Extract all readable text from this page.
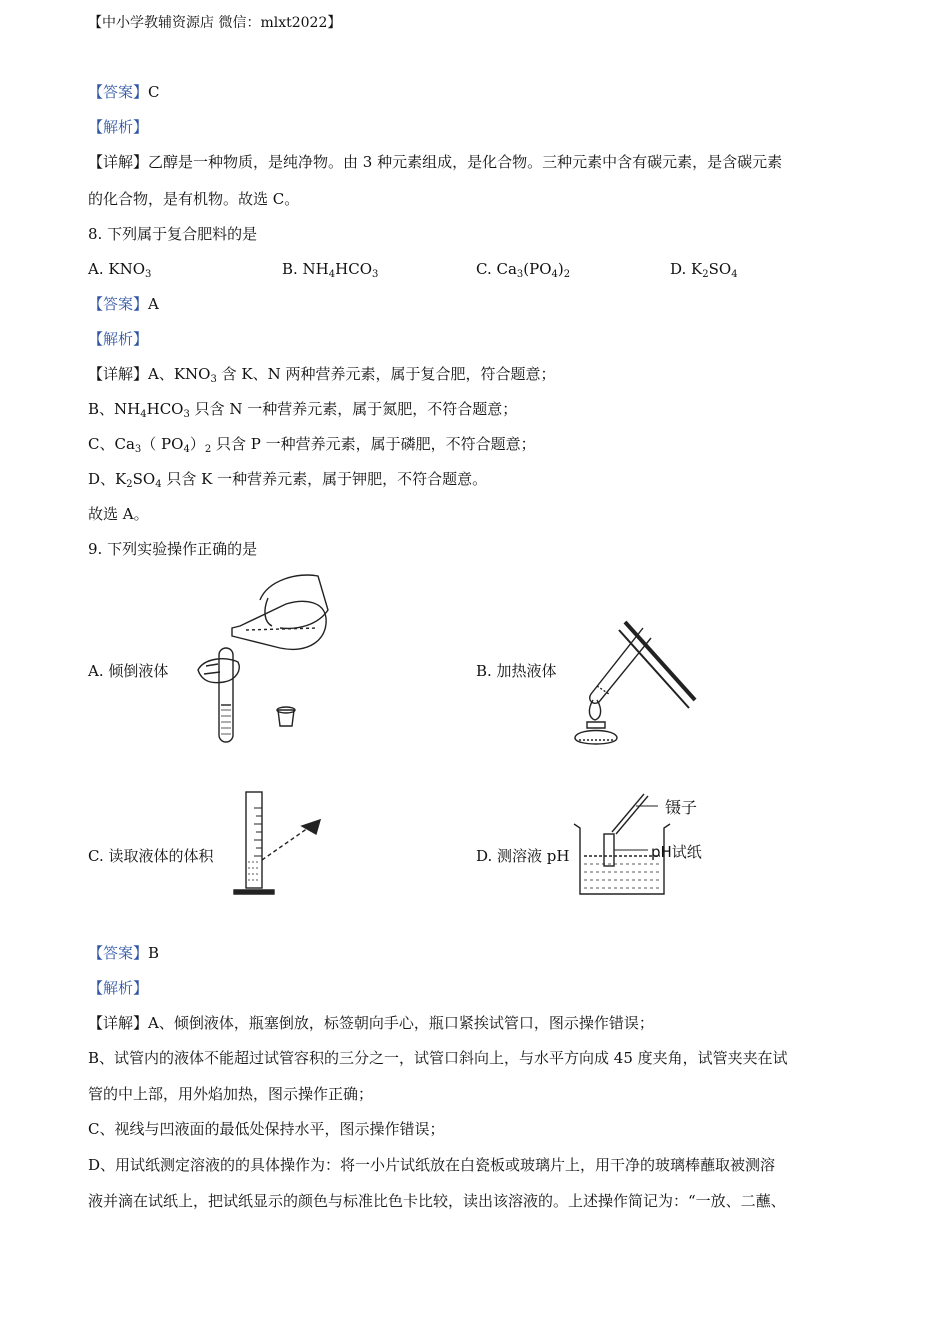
【中小学教辅资源店 微信：mlxt2022】
【答案】C
【解析】
【详解】乙醇是一种物质，是纯净物。由 3 种元素组成，是化合物。三种元素中含有碳元素，是含碳元素
的化合物，是有机物。故选 C。
8. 下列属于复合肥料的是
A. $KNO_3$	B. $NH_4HCO_3$	C. $Ca_3(PO_4)_2$	D. $K_2SO_4$
【答案】A
【解析】
【详解】A、$KNO_3$ 含 K、N 两种营养元素，属于复合肥，符合题意；
B、$NH_4HCO_3$ 只含 N 一种营养元素，属于氮肥，不符合题意；
C、$Ca_3$（ $PO_4)_2$ 只含 P 一种营养元素，属于磷肥，不符合题意；
D、$K_2SO_4$ 只含 K 一种营养元素，属于钾肥，不符合题意。
故选 A。
9. 下列实验操作正确的是
A. 倾倒液体	B. 加热液体
C. 读取液体的体积	D. 测溶液 pH
镊子
pH试纸
【答案】B
【解析】
【详解】A、倾倒液体，瓶塞倒放，标签朝向手心，瓶口紧挨试管口，图示操作错误；
B、试管内的液体不能超过试管容积的三分之一，试管口斜向上，与水平方向成 45 度夹角，试管夹夹在试
管的中上部，用外焰加热，图示操作正确；
C、视线与凹液面的最低处保持水平，图示操作错误；
D、用试纸测定溶液的的具体操作为：将一小片试纸放在白瓷板或玻璃片上，用干净的玻璃棒蘸取被测溶
液并滴在试纸上，把试纸显示的颜色与标准比色卡比较，读出该溶液的。上述操作简记为：“一放、二蘸、
